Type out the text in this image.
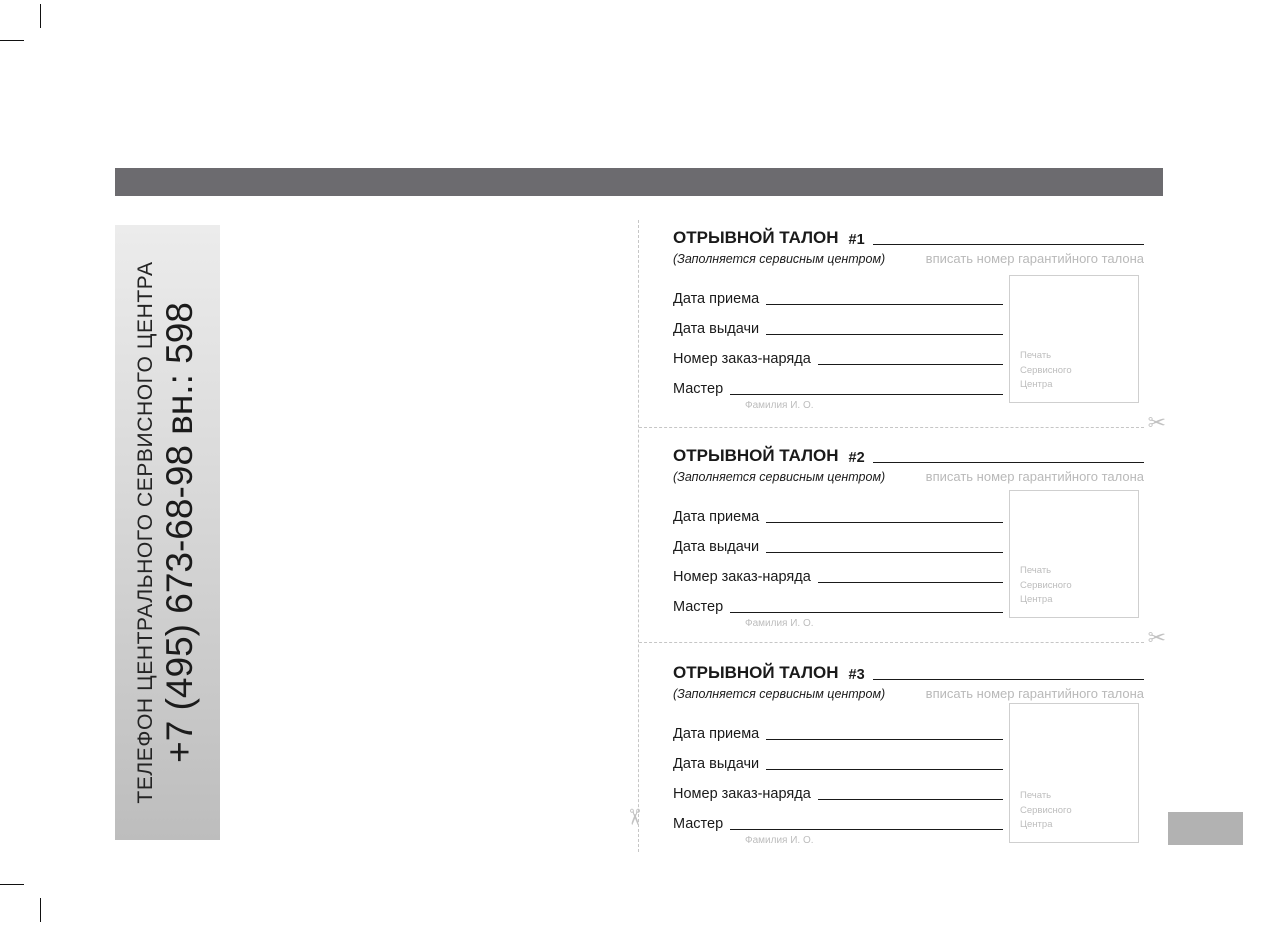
ТЕЛЕФОН ЦЕНТРАЛЬНОГО СЕРВИСНОГО ЦЕНТРА +7 (495) 673-68-98 вн.: 598
ОТРЫВНОЙ ТАЛОН #1
(Заполняется сервисным центром)	вписать номер гарантийного талона
Дата приема
Дата выдачи
Номер заказ-наряда
Мастер
Фамилия И. О.
Печать
Сервисного
Центра
ОТРЫВНОЙ ТАЛОН #2
(Заполняется сервисным центром)	вписать номер гарантийного талона
Дата приема
Дата выдачи
Номер заказ-наряда
Мастер
Фамилия И. О.
Печать
Сервисного
Центра
ОТРЫВНОЙ ТАЛОН #3
(Заполняется сервисным центром)	вписать номер гарантийного талона
Дата приема
Дата выдачи
Номер заказ-наряда
Мастер
Фамилия И. О.
Печать
Сервисного
Центра
✂
✂
✂
